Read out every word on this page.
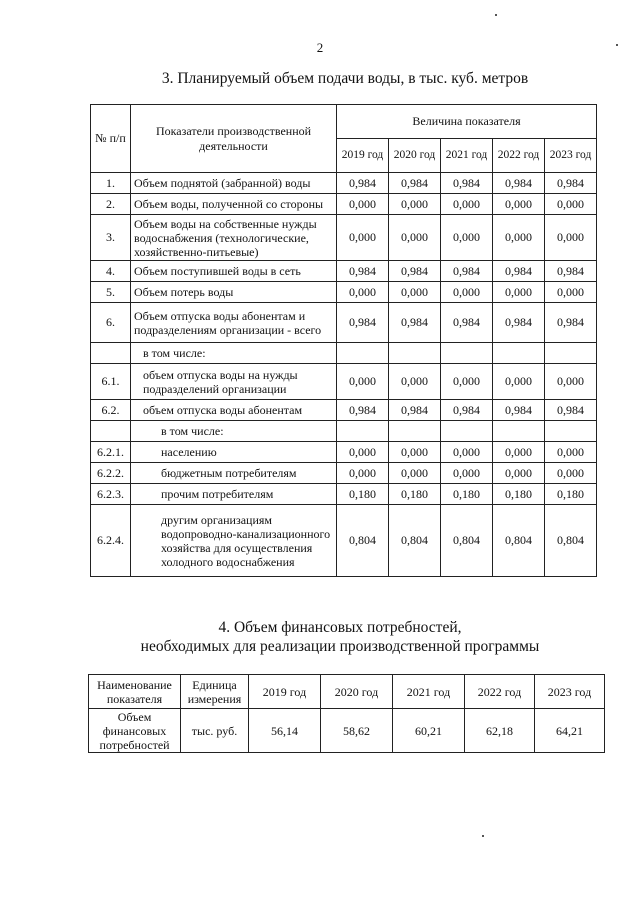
2
3. Планируемый объем подачи воды, в тыс. куб. метров
№ п/п	Показатели производственной деятельности	Величина показателя				
		2019 год	2020 год	2021 год	2022 год	2023 год
1.	Объем поднятой (забранной) воды	0,984	0,984	0,984	0,984	0,984
2.	Объем воды, полученной со стороны	0,000	0,000	0,000	0,000	0,000
3.	Объем воды на собственные нужды водоснабжения (технологические, хозяйственно-питьевые)	0,000	0,000	0,000	0,000	0,000
4.	Объем поступившей воды в сеть	0,984	0,984	0,984	0,984	0,984
5.	Объем потерь воды	0,000	0,000	0,000	0,000	0,000
6.	Объем отпуска воды абонентам и подразделениям организации - всего	0,984	0,984	0,984	0,984	0,984
	в том числе:					
6.1.	объем отпуска воды на нужды подразделений организации	0,000	0,000	0,000	0,000	0,000
6.2.	объем отпуска воды абонентам	0,984	0,984	0,984	0,984	0,984
	в том числе:					
6.2.1.	населению	0,000	0,000	0,000	0,000	0,000
6.2.2.	бюджетным потребителям	0,000	0,000	0,000	0,000	0,000
6.2.3.	прочим потребителям	0,180	0,180	0,180	0,180	0,180
6.2.4.	другим организациям водопроводно-канализационного хозяйства для осуществления холодного водоснабжения	0,804	0,804	0,804	0,804	0,804
4. Объем финансовых потребностей,
необходимых для реализации производственной программы
Наименование показателя	Единица измерения	2019 год	2020 год	2021 год	2022 год	2023 год
Объем финансовых потребностей	тыс. руб.	56,14	58,62	60,21	62,18	64,21
